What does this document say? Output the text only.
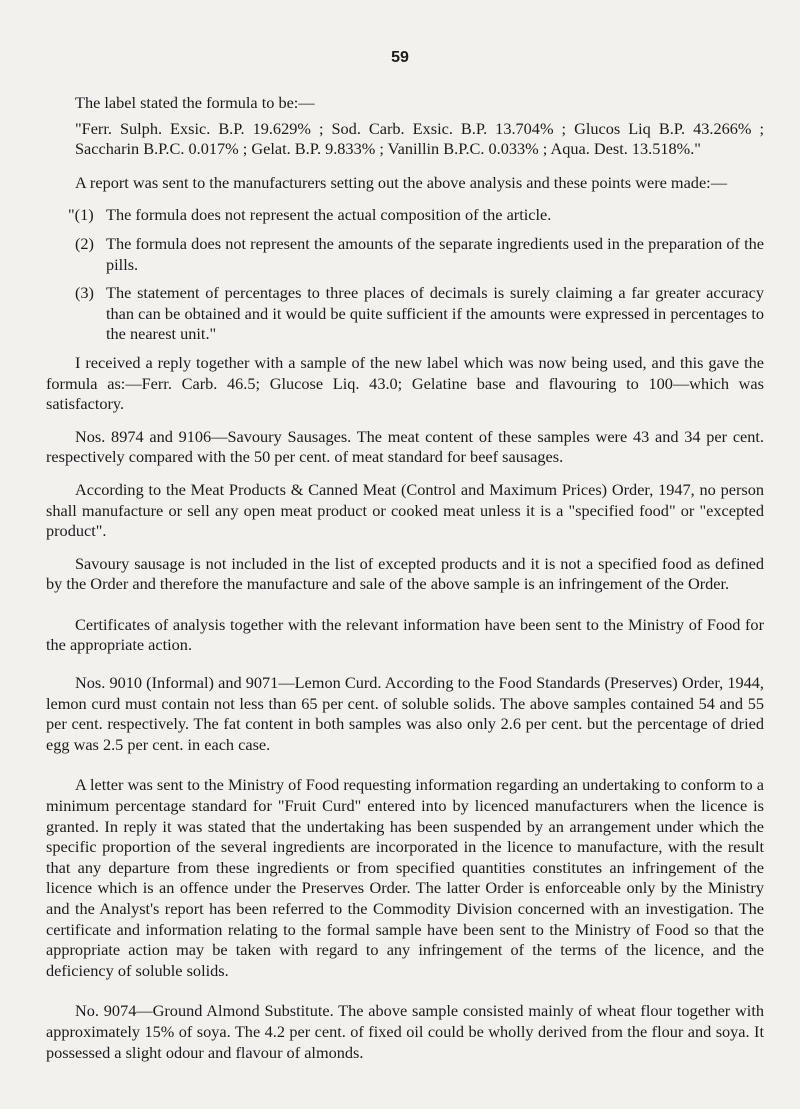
59

The label stated the formula to be:—

"Ferr. Sulph. Exsic. B.P. 19.629% ; Sod. Carb. Exsic. B.P. 13.704% ; Glucos Liq B.P. 43.266% ; Saccharin B.P.C. 0.017% ; Gelat. B.P. 9.833% ; Vanillin B.P.C. 0.033% ; Aqua. Dest. 13.518%."

A report was sent to the manufacturers setting out the above analysis and these points were made:—

"(1) The formula does not represent the actual composition of the article.
(2) The formula does not represent the amounts of the separate ingredients used in the preparation of the pills.
(3) The statement of percentages to three places of decimals is surely claiming a far greater accuracy than can be obtained and it would be quite sufficient if the amounts were expressed in percentages to the nearest unit."

I received a reply together with a sample of the new label which was now being used, and this gave the formula as:—Ferr. Carb. 46.5; Glucose Liq. 43.0; Gelatine base and flavouring to 100—which was satisfactory.

Nos. 8974 and 9106—Savoury Sausages. The meat content of these samples were 43 and 34 per cent. respectively compared with the 50 per cent. of meat standard for beef sausages.

According to the Meat Products & Canned Meat (Control and Maximum Prices) Order, 1947, no person shall manufacture or sell any open meat product or cooked meat unless it is a "specified food" or "excepted product".

Savoury sausage is not included in the list of excepted products and it is not a specified food as defined by the Order and therefore the manufacture and sale of the above sample is an infringement of the Order.

Certificates of analysis together with the relevant information have been sent to the Ministry of Food for the appropriate action.

Nos. 9010 (Informal) and 9071—Lemon Curd. According to the Food Standards (Preserves) Order, 1944, lemon curd must contain not less than 65 per cent. of soluble solids. The above samples contained 54 and 55 per cent. respectively. The fat content in both samples was also only 2.6 per cent. but the percentage of dried egg was 2.5 per cent. in each case.

A letter was sent to the Ministry of Food requesting information regarding an undertaking to conform to a minimum percentage standard for "Fruit Curd" entered into by licenced manufacturers when the licence is granted. In reply it was stated that the undertaking has been suspended by an arrangement under which the specific proportion of the several ingredients are incorporated in the licence to manufacture, with the result that any departure from these ingredients or from specified quantities constitutes an infringement of the licence which is an offence under the Preserves Order. The latter Order is enforceable only by the Ministry and the Analyst's report has been referred to the Commodity Division concerned with an investigation. The certificate and information relating to the formal sample have been sent to the Ministry of Food so that the appropriate action may be taken with regard to any infringement of the terms of the licence, and the deficiency of soluble solids.

No. 9074—Ground Almond Substitute. The above sample consisted mainly of wheat flour together with approximately 15% of soya. The 4.2 per cent. of fixed oil could be wholly derived from the flour and soya. It possessed a slight odour and flavour of almonds.
